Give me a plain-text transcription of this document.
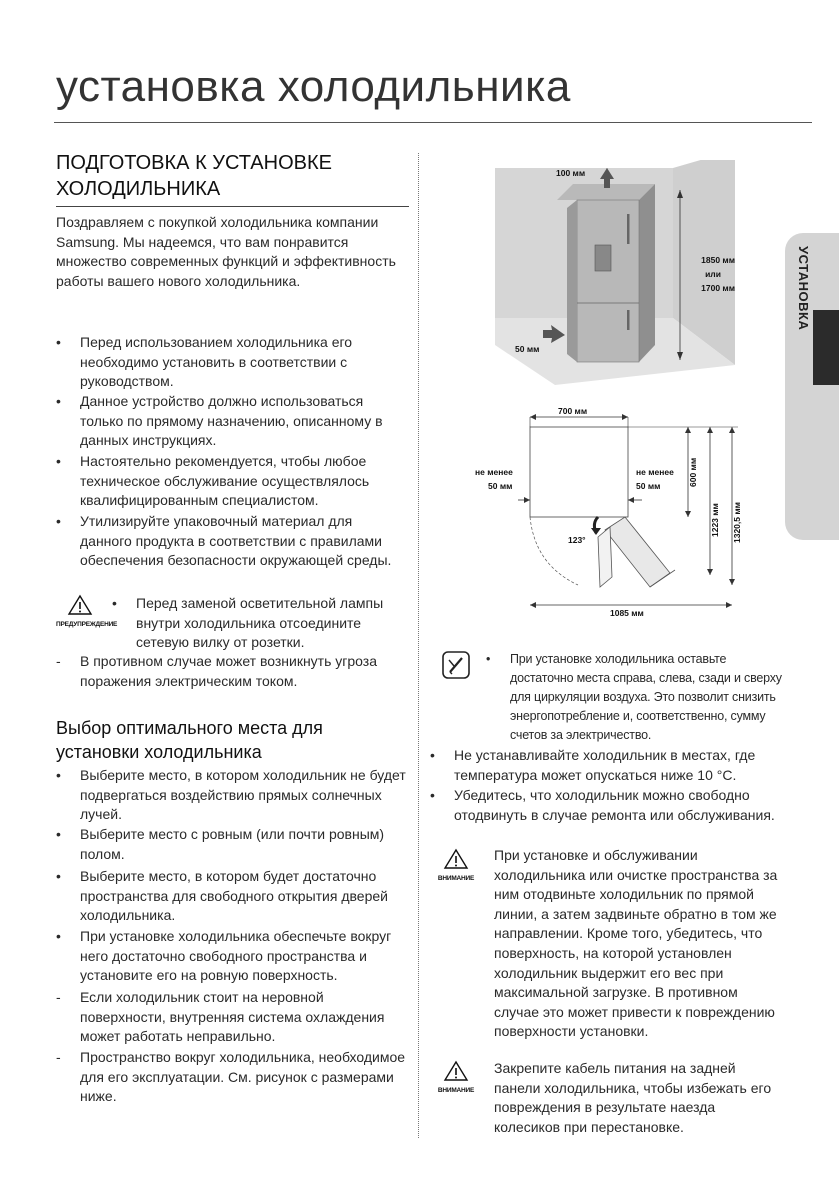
установка холодильника
УСТАНОВКА
ПОДГОТОВКА К УСТАНОВКЕ
ХОЛОДИЛЬНИКА
Поздравляем с покупкой холодильника компании Samsung. Мы надеемся, что вам понравится множество современных функций и эффективность работы вашего нового холодильника.
•	Перед использованием холодильника его необходимо установить в соответствии с руководством.
•	Данное устройство должно использоваться только по прямому назначению, описанному в данных инструкциях.
•	Настоятельно рекомендуется, чтобы любое техническое обслуживание осуществлялось квалифицированным специалистом.
•	Утилизируйте упаковочный материал для данного продукта в соответствии с правилами обеспечения безопасности окружающей среды.
ПРЕДУПРЕЖДЕНИЕ
•	Перед заменой осветительной лампы внутри холодильника отсоедините сетевую вилку от розетки.
-	В противном случае может возникнуть угроза поражения электрическим током.
Выбор оптимального места для
установки холодильника
•	Выберите место, в котором холодильник не будет подвергаться воздействию прямых солнечных лучей.
•	Выберите место с ровным (или почти ровным) полом.
•	Выберите место, в котором будет достаточно пространства для свободного открытия дверей холодильника.
•	При установке холодильника обеспечьте вокруг него достаточно свободного пространства и установите его на ровную поверхность.
-	Если холодильник стоит на неровной поверхности, внутренняя система охлаждения может работать неправильно.
-	Пространство вокруг холодильника, необходимое для его эксплуатации. См. рисунок с размерами ниже.
100 мм
1850 мм
или
1700 мм
50 мм
700 мм
не менее
50 мм
не менее
50 мм	600 мм
1223 мм 1320,5 мм
123°
1085 мм
•	При установке холодильника оставьте достаточно места справа, слева, сзади и сверху для циркуляции воздуха. Это позволит снизить энергопотребление и, соответственно, сумму счетов за электричество.
•	Не устанавливайте холодильник в местах, где температура может опускаться ниже 10 °C.
•	Убедитесь, что холодильник можно свободно отодвинуть в случае ремонта или обслуживания.
ВНИМАНИЕ
При установке и обслуживании холодильника или очистке пространства за ним отодвиньте холодильник по прямой линии, а затем задвиньте обратно в том же направлении. Кроме того, убедитесь, что поверхность, на которой установлен холодильник выдержит его вес при максимальной загрузке. В противном случае это может привести к повреждению поверхности установки.
ВНИМАНИЕ
Закрепите кабель питания на задней панели холодильника, чтобы избежать его повреждения в результате наезда колесиков при перестановке.
